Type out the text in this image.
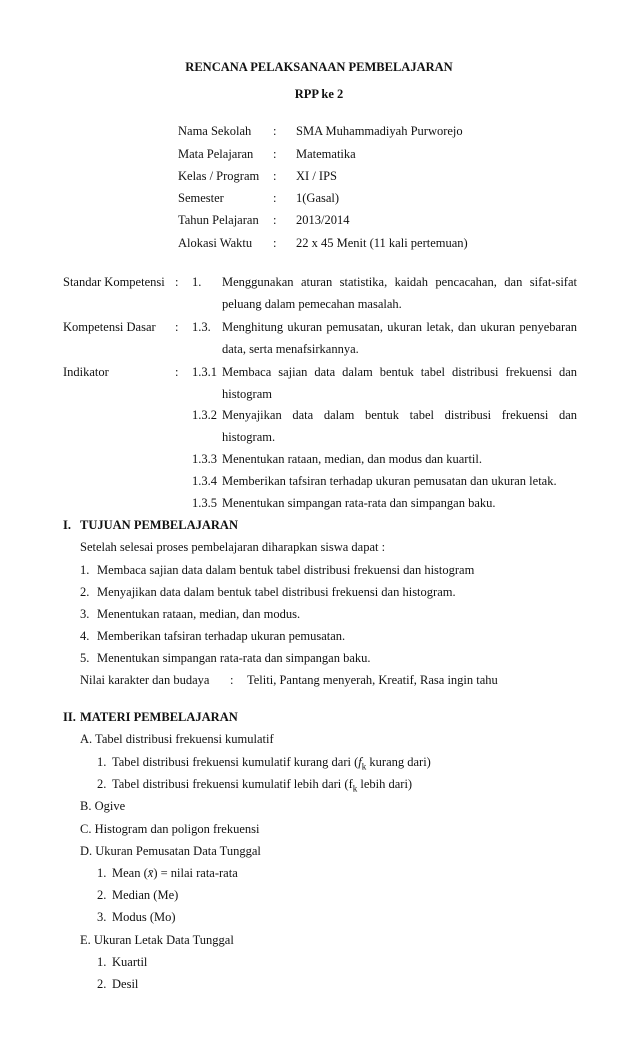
RENCANA PELAKSANAAN PEMBELAJARAN
RPP ke 2
Nama Sekolah : SMA Muhammadiyah Purworejo
Mata Pelajaran : Matematika
Kelas / Program : XI / IPS
Semester	: 1(Gasal)
Tahun Pelajaran : 2013/2014
Alokasi Waktu : 22 x 45 Menit (11 kali pertemuan)
Standar Kompetensi : 1. Menggunakan aturan statistika, kaidah pencacahan, dan sifat-sifat
peluang dalam pemecahan masalah.
Kompetensi Dasar : 1.3. Menghitung ukuran pemusatan, ukuran letak, dan ukuran penyebaran
data, serta menafsirkannya.
Indikator	: 1.3.1 Membaca sajian data dalam bentuk tabel distribusi frekuensi dan
histogram
1.3.2 Menyajikan data dalam bentuk tabel distribusi frekuensi dan
histogram.
1.3.3 Menentukan rataan, median, dan modus dan kuartil.
1.3.4 Memberikan tafsiran terhadap ukuran pemusatan dan ukuran letak.
1.3.5 Menentukan simpangan rata-rata dan simpangan baku.
I. TUJUAN PEMBELAJARAN
Setelah selesai proses pembelajaran diharapkan siswa dapat :
1. Membaca sajian data dalam bentuk tabel distribusi frekuensi dan histogram
2. Menyajikan data dalam bentuk tabel distribusi frekuensi dan histogram.
3. Menentukan rataan, median, dan modus.
4. Memberikan tafsiran terhadap ukuran pemusatan.
5. Menentukan simpangan rata-rata dan simpangan baku.
Nilai karakter dan budaya : Teliti, Pantang menyerah, Kreatif, Rasa ingin tahu
II. MATERI PEMBELAJARAN
A. Tabel distribusi frekuensi kumulatif
1. Tabel distribusi frekuensi kumulatif kurang dari ($f_k$ kurang dari)
2. Tabel distribusi frekuensi kumulatif lebih dari ($f_k$ lebih dari)
B. Ogive
C. Histogram dan poligon frekuensi
D. Ukuran Pemusatan Data Tunggal
1. Mean (x̄) = nilai rata-rata
2. Median (Me)
3. Modus (Mo)
E. Ukuran Letak Data Tunggal
1. Kuartil
2. Desil
